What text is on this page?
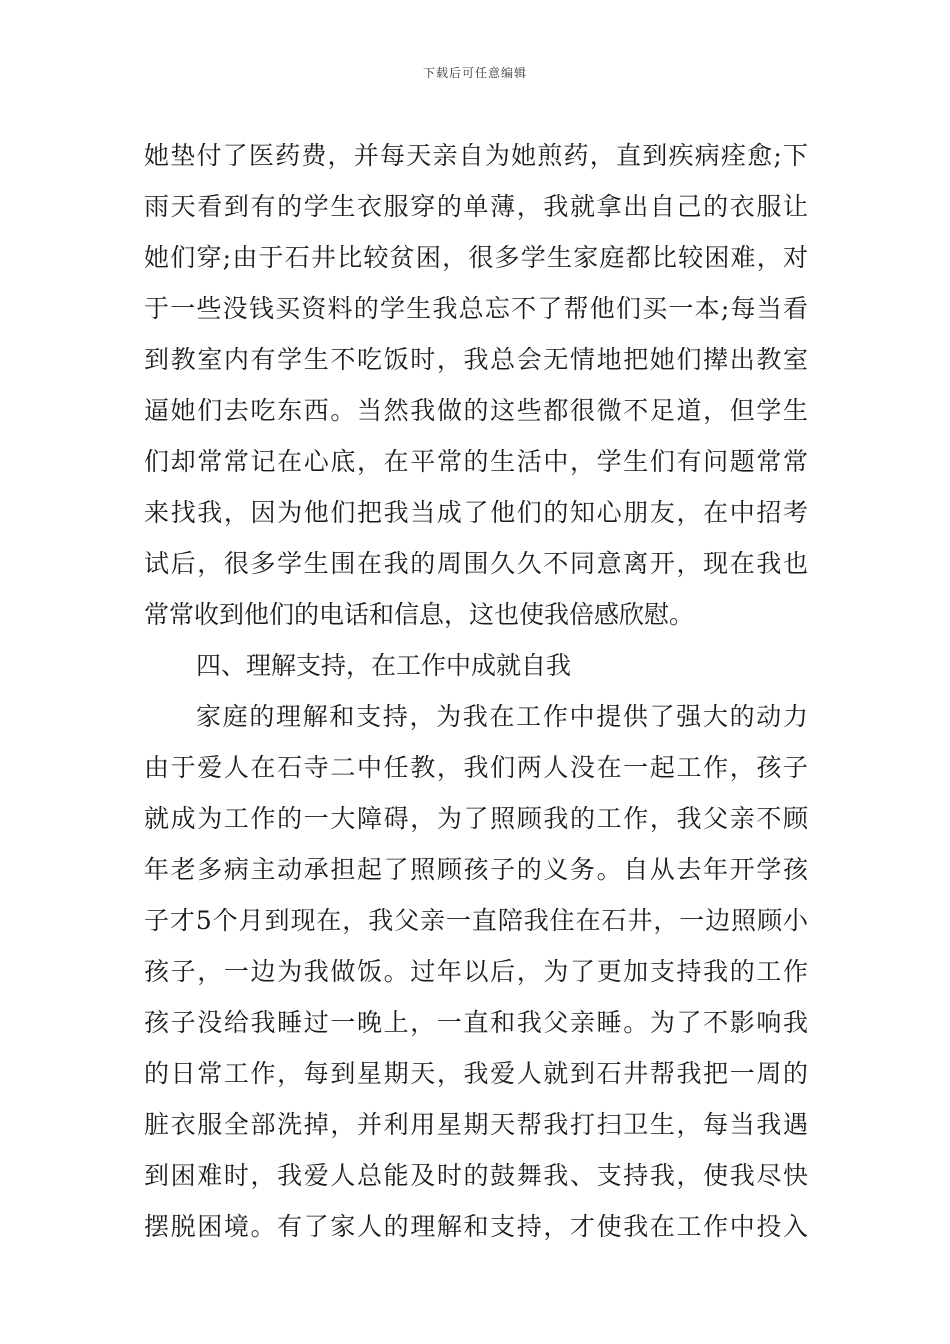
下载后可任意编辑
她垫付了医药费，并每天亲自为她煎药，直到疾病痊愈;下
雨天看到有的学生衣服穿的单薄，我就拿出自己的衣服让
她们穿;由于石井比较贫困，很多学生家庭都比较困难，对
于一些没钱买资料的学生我总忘不了帮他们买一本;每当看
到教室内有学生不吃饭时，我总会无情地把她们撵出教室
逼她们去吃东西。当然我做的这些都很微不足道，但学生
们却常常记在心底，在平常的生活中，学生们有问题常常
来找我，因为他们把我当成了他们的知心朋友，在中招考
试后，很多学生围在我的周围久久不同意离开，现在我也
常常收到他们的电话和信息，这也使我倍感欣慰。
四、理解支持，在工作中成就自我
家庭的理解和支持，为我在工作中提供了强大的动力
由于爱人在石寺二中任教，我们两人没在一起工作，孩子
就成为工作的一大障碍，为了照顾我的工作，我父亲不顾
年老多病主动承担起了照顾孩子的义务。自从去年开学孩
子才5个月到现在，我父亲一直陪我住在石井，一边照顾小
孩子，一边为我做饭。过年以后，为了更加支持我的工作
孩子没给我睡过一晚上，一直和我父亲睡。为了不影响我
的日常工作，每到星期天，我爱人就到石井帮我把一周的
脏衣服全部洗掉，并利用星期天帮我打扫卫生，每当我遇
到困难时，我爱人总能及时的鼓舞我、支持我，使我尽快
摆脱困境。有了家人的理解和支持，才使我在工作中投入
